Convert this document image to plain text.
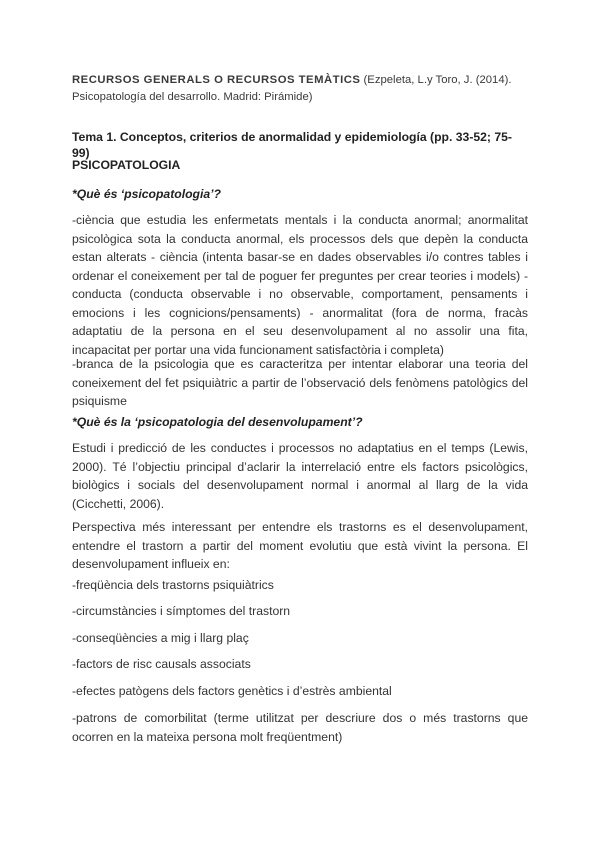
RECURSOS GENERALS O RECURSOS TEMÀTICS (Ezpeleta, L.y Toro, J. (2014). Psicopatología del desarrollo. Madrid: Pirámide)
Tema 1. Conceptos, criterios de anormalidad y epidemiología (pp. 33-52; 75-99)
PSICOPATOLOGIA
*Què és ‘psicopatologia’?
-ciència que estudia les enfermetats mentals i la conducta anormal; anormalitat psicològica sota la conducta anormal, els processos dels que depèn la conducta estan alterats - ciència (intenta basar-se en dades observables i/o contres tables i ordenar el coneixement per tal de poguer fer preguntes per crear teories i models) - conducta (conducta observable i no observable, comportament, pensaments i emocions i les cognicions/pensaments) - anormalitat (fora de norma, fracàs adaptatiu de la persona en el seu desenvolupament al no assolir una fita, incapacitat per portar una vida funcionament satisfactòria i completa)
-branca de la psicologia que es caracteritza per intentar elaborar una teoria del coneixement del fet psiquiàtric a partir de l’observació dels fenòmens patològics del psiquisme
*Què és la ‘psicopatologia del desenvolupament’?
Estudi i predicció de les conductes i processos no adaptatius en el temps (Lewis, 2000). Té l’objectiu principal d’aclarir la interrelació entre els factors psicològics, biològics i socials del desenvolupament normal i anormal al llarg de la vida (Cicchetti, 2006).
Perspectiva més interessant per entendre els trastorns es el desenvolupament, entendre el trastorn a partir del moment evolutiu que està vivint la persona. El desenvolupament influeix en:
-freqüència dels trastorns psiquiàtrics
-circumstàncies i símptomes del trastorn
-conseqüències a mig i llarg plaç
-factors de risc causals associats
-efectes patògens dels factors genètics i d’estrès ambiental
-patrons de comorbilitat (terme utilitzat per descriure dos o més trastorns que ocorren en la mateixa persona molt freqüentment)
